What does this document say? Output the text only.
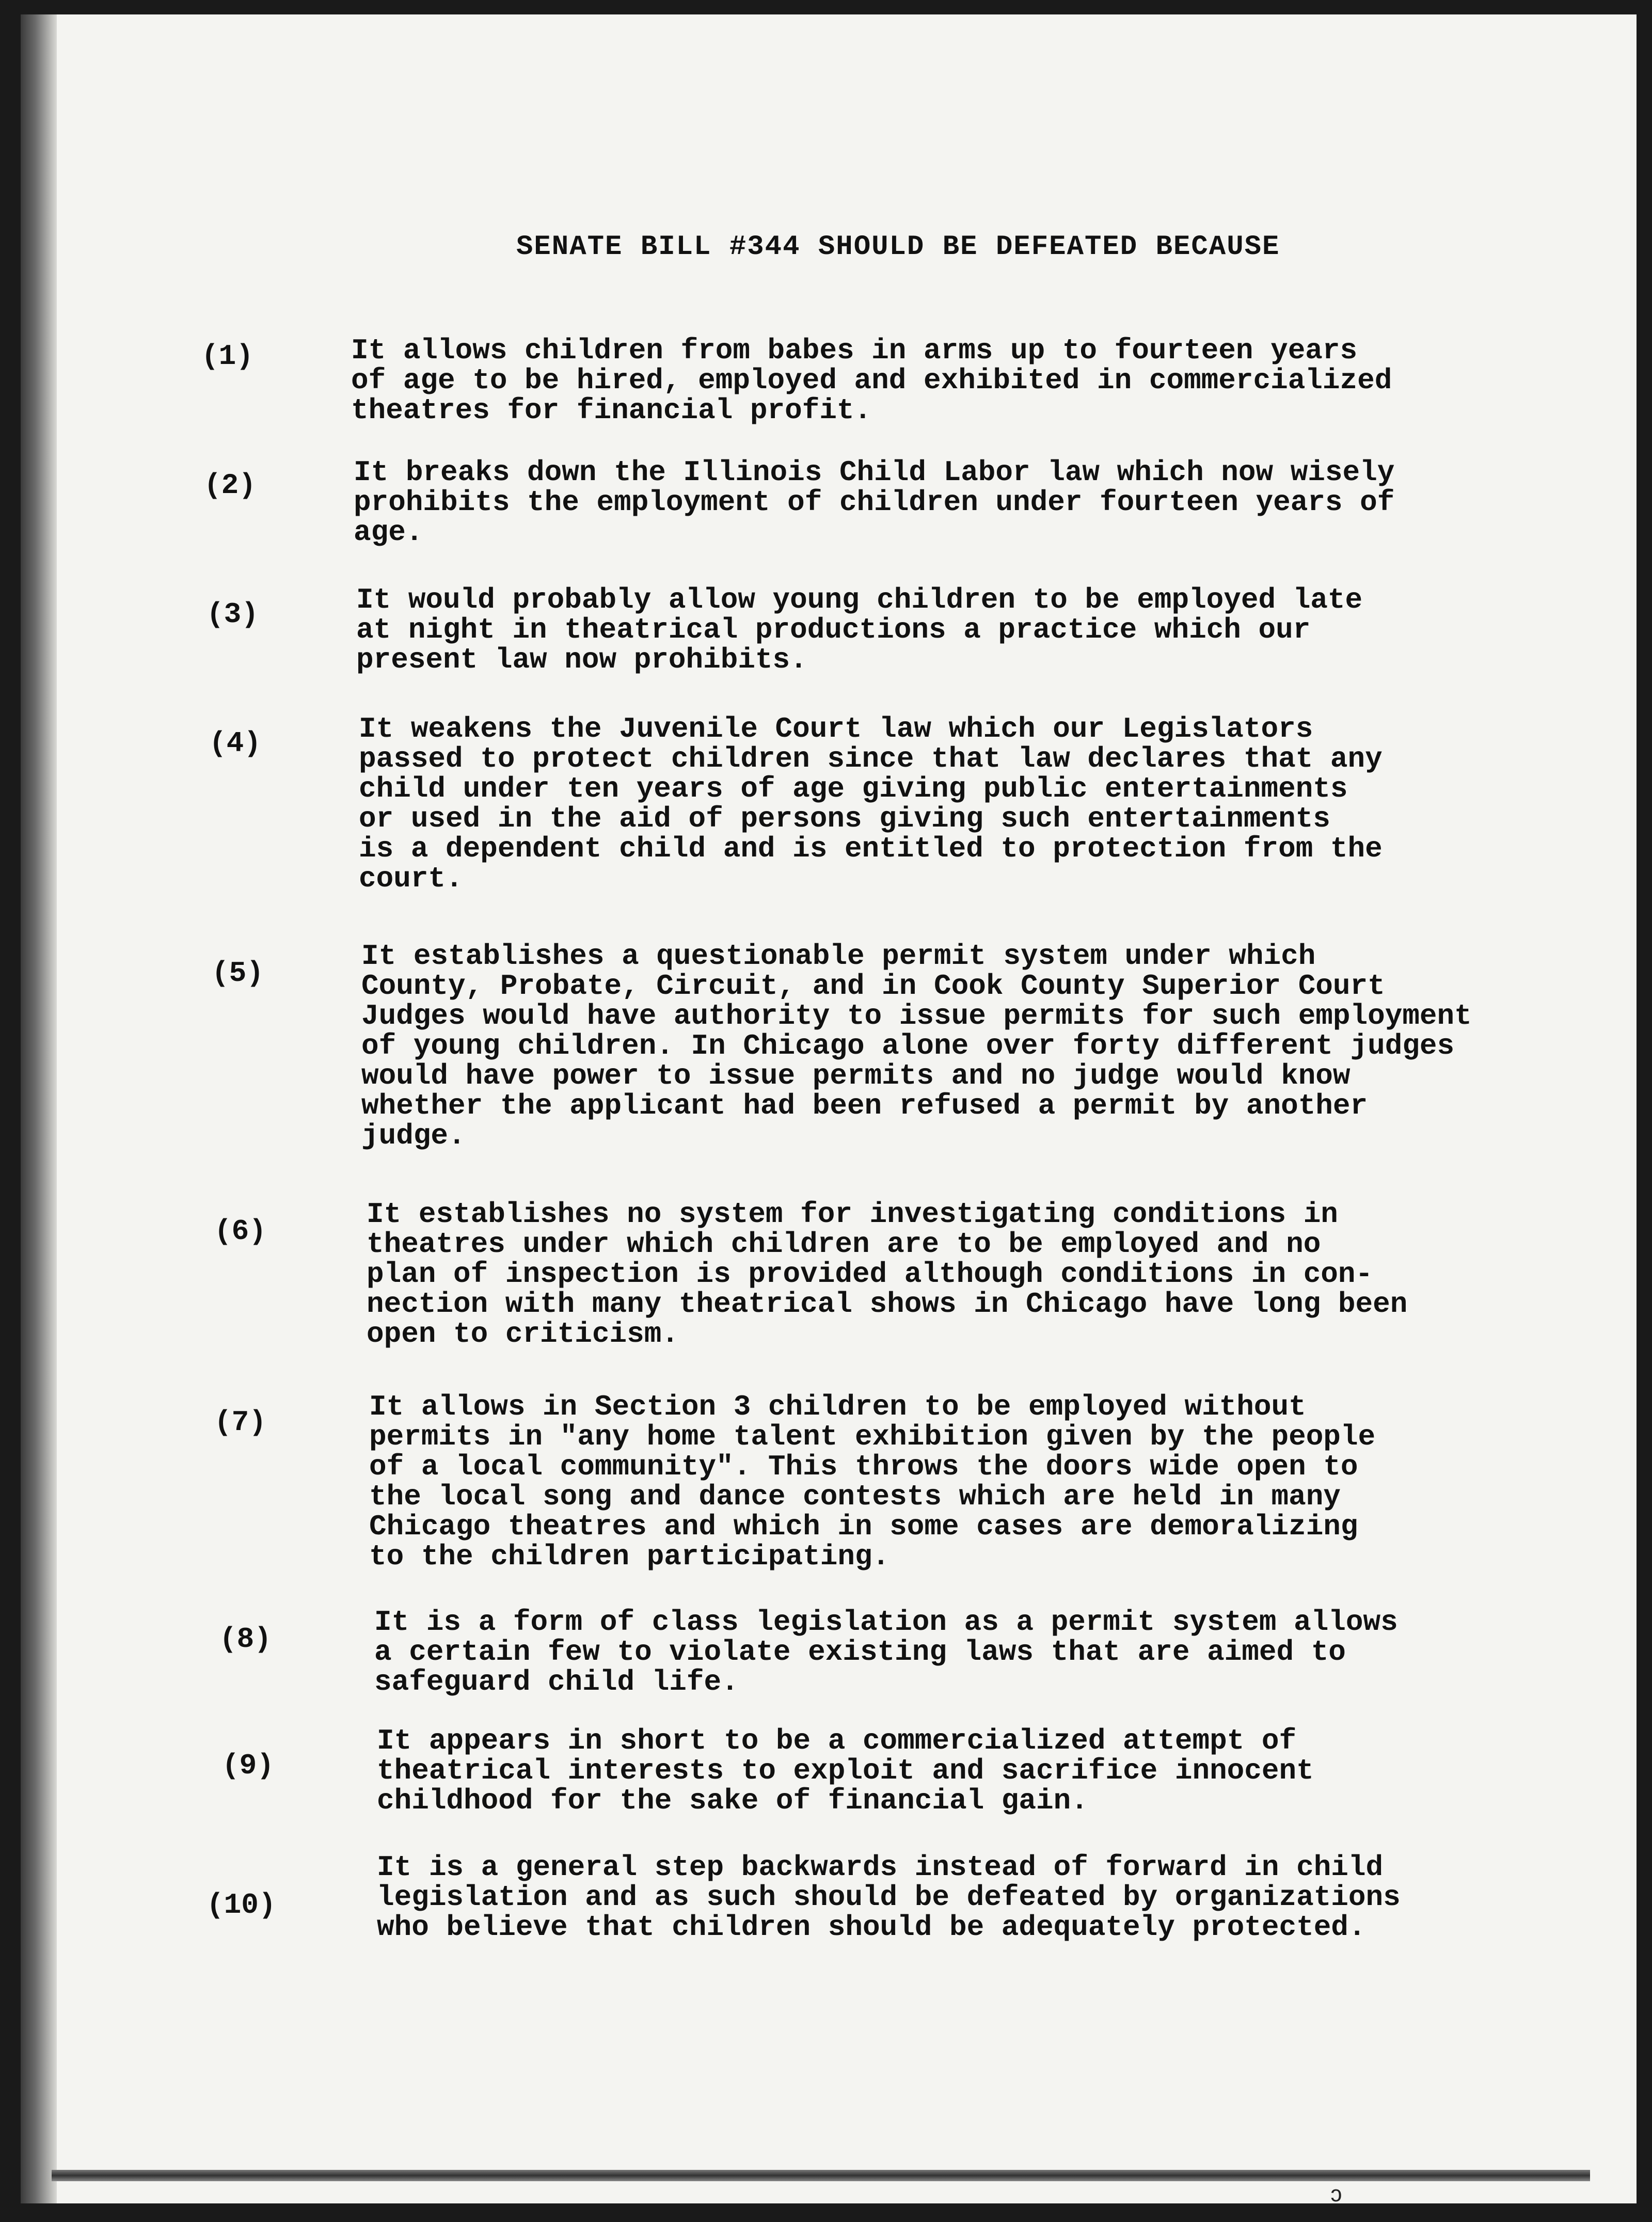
SENATE BILL #344 SHOULD BE DEFEATED BECAUSE
(1)	It allows children from babes in arms up to fourteen years
of age to be hired, employed and exhibited in commercialized
theatres for financial profit.
(2)	It breaks down the Illinois Child Labor law which now wisely
prohibits the employment of children under fourteen years of
age.
(3)	It would probably allow young children to be employed late
at night in theatrical productions a practice which our
present law now prohibits.
(4)	It weakens the Juvenile Court law which our Legislators
passed to protect children since that law declares that any
child under ten years of age giving public entertainments
or used in the aid of persons giving such entertainments
is a dependent child and is entitled to protection from the
court.
(5)
It establishes a questionable permit system under which
County, Probate, Circuit, and in Cook County Superior Court
Judges would have authority to issue permits for such employment
of young children. In Chicago alone over forty different judges
would have power to issue permits and no judge would know
whether the applicant had been refused a permit by another
judge.
(6)
It establishes no system for investigating conditions in
theatres under which children are to be employed and no
plan of inspection is provided although conditions in con-
nection with many theatrical shows in Chicago have long been
open to criticism.
(7)	It allows in Section 3 children to be employed without
permits in "any home talent exhibition given by the people
of a local community". This throws the doors wide open to
the local song and dance contests which are held in many
Chicago theatres and which in some cases are demoralizing
to the children participating.
(8)
It is a form of class legislation as a permit system allows
a certain few to violate existing laws that are aimed to
safeguard child life.
(9)
It appears in short to be a commercialized attempt of
theatrical interests to exploit and sacrifice innocent
childhood for the sake of financial gain.
(10)
It is a general step backwards instead of forward in child
legislation and as such should be defeated by organizations
who believe that children should be adequately protected.
ↄ
